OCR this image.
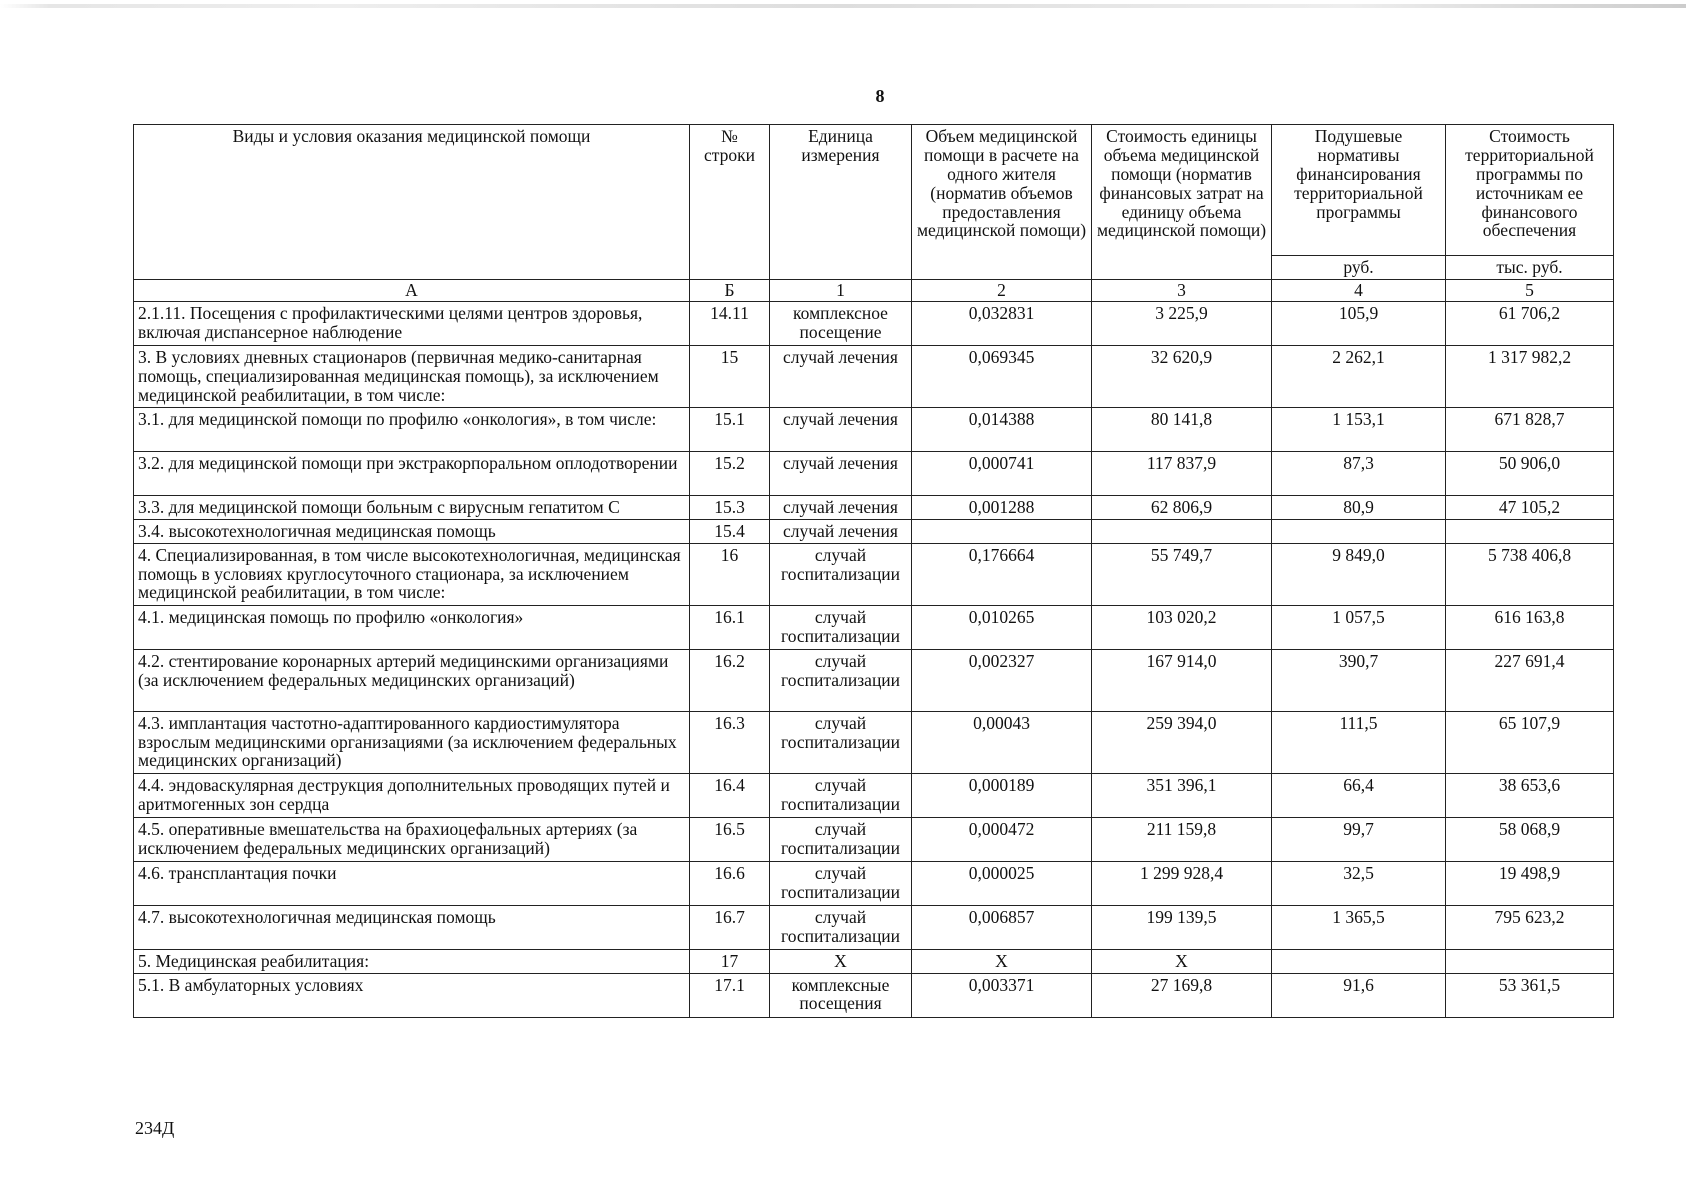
8
Виды и условия оказания медицинской помощи	№ строки	Единица измерения	Объем медицинской помощи в расчете на одного жителя (норматив объемов предоставления медицинской помощи)	Стоимость единицы объема медицинской помощи (норматив финансовых затрат на единицу объема медицинской помощи)	Подушевые нормативы финансирования территориальной программы	Стоимость территориальной программы по источникам ее финансового обеспечения
					руб.	тыс. руб.
А	Б	1	2	3	4	5
2.1.11. Посещения с профилактическими целями центров здоровья, включая диспансерное наблюдение	14.11	комплексное посещение	0,032831	3 225,9	105,9	61 706,2
3. В условиях дневных стационаров (первичная медико-санитарная помощь, специализированная медицинская помощь), за исключением медицинской реабилитации, в том числе:	15	случай лечения	0,069345	32 620,9	2 262,1	1 317 982,2
3.1. для медицинской помощи по профилю «онкология», в том числе:	15.1	случай лечения	0,014388	80 141,8	1 153,1	671 828,7
3.2. для медицинской помощи при экстракорпоральном оплодотворении	15.2	случай лечения	0,000741	117 837,9	87,3	50 906,0
3.3. для медицинской помощи больным с вирусным гепатитом С	15.3	случай лечения	0,001288	62 806,9	80,9	47 105,2
3.4. высокотехнологичная медицинская помощь	15.4	случай лечения				
4. Специализированная, в том числе высокотехнологичная, медицинская помощь в условиях круглосуточного стационара, за исключением медицинской реабилитации, в том числе:	16	случай госпитализации	0,176664	55 749,7	9 849,0	5 738 406,8
4.1. медицинская помощь по профилю «онкология»	16.1	случай госпитализации	0,010265	103 020,2	1 057,5	616 163,8
4.2. стентирование коронарных артерий медицинскими организациями (за исключением федеральных медицинских организаций)	16.2	случай госпитализации	0,002327	167 914,0	390,7	227 691,4
4.3. имплантация частотно-адаптированного кардиостимулятора взрослым медицинскими организациями (за исключением федеральных медицинских организаций)	16.3	случай госпитализации	0,00043	259 394,0	111,5	65 107,9
4.4. эндоваскулярная деструкция дополнительных проводящих путей и аритмогенных зон сердца	16.4	случай госпитализации	0,000189	351 396,1	66,4	38 653,6
4.5. оперативные вмешательства на брахиоцефальных артериях (за исключением федеральных медицинских организаций)	16.5	случай госпитализации	0,000472	211 159,8	99,7	58 068,9
4.6. трансплантация почки	16.6	случай госпитализации	0,000025	1 299 928,4	32,5	19 498,9
4.7. высокотехнологичная медицинская помощь	16.7	случай госпитализации	0,006857	199 139,5	1 365,5	795 623,2
5. Медицинская реабилитация:	17	Х	Х	Х		
5.1. В амбулаторных условиях	17.1	комплексные посещения	0,003371	27 169,8	91,6	53 361,5
234Д
